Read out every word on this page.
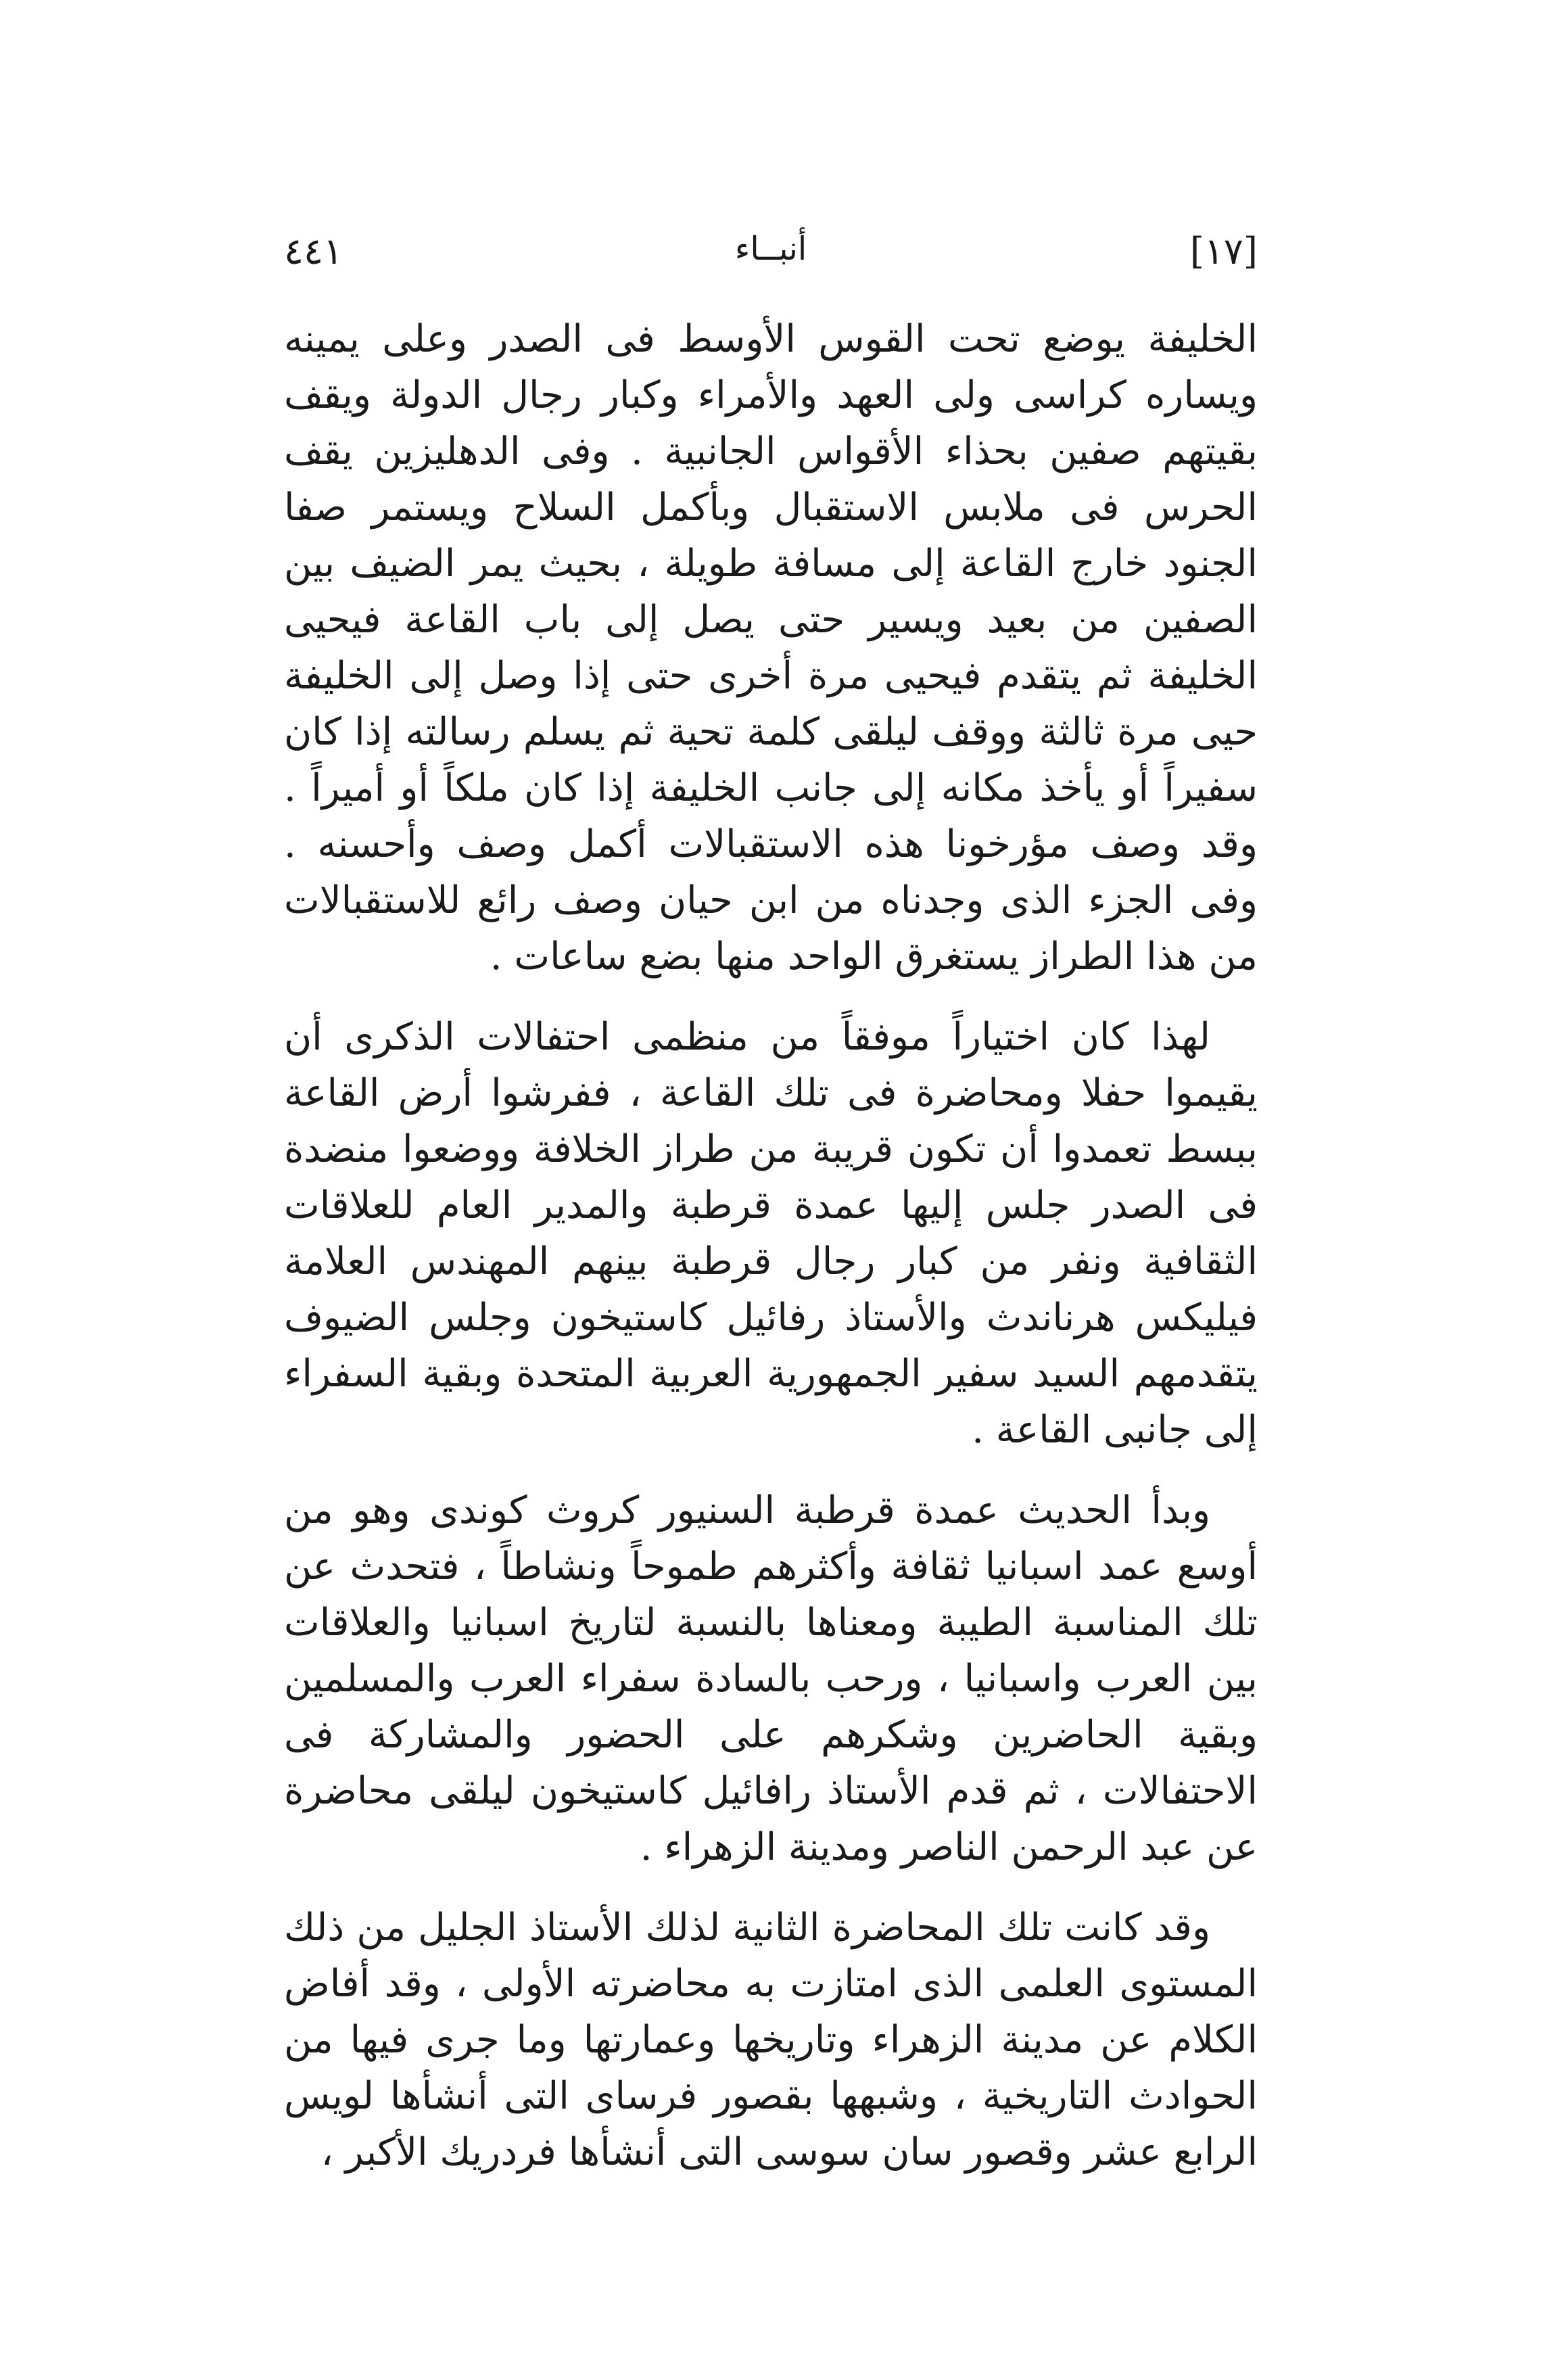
[١٧]
أنبــاء
٤٤١

الخليفة يوضع تحت القوس الأوسط فى الصدر وعلى يمينه ويساره كراسى ولى العهد والأمراء وكبار رجال الدولة ويقف بقيتهم صفين بحذاء الأقواس الجانبية . وفى الدهليزين يقف الحرس فى ملابس الاستقبال وبأكمل السلاح ويستمر صفا الجنود خارج القاعة إلى مسافة طويلة ، بحيث يمر الضيف بين الصفين من بعيد ويسير حتى يصل إلى باب القاعة فيحيى الخليفة ثم يتقدم فيحيى مرة أخرى حتى إذا وصل إلى الخليفة حيى مرة ثالثة ووقف ليلقى كلمة تحية ثم يسلم رسالته إذا كان سفيراً أو يأخذ مكانه إلى جانب الخليفة إذا كان ملكاً أو أميراً . وقد وصف مؤرخونا هذه الاستقبالات أكمل وصف وأحسنه . وفى الجزء الذى وجدناه من ابن حيان وصف رائع للاستقبالات من هذا الطراز يستغرق الواحد منها بضع ساعات .

لهذا كان اختياراً موفقاً من منظمى احتفالات الذكرى أن يقيموا حفلا ومحاضرة فى تلك القاعة ، ففرشوا أرض القاعة ببسط تعمدوا أن تكون قريبة من طراز الخلافة ووضعوا منضدة فى الصدر جلس إليها عمدة قرطبة والمدير العام للعلاقات الثقافية ونفر من كبار رجال قرطبة بينهم المهندس العلامة فيليكس هرناندث والأستاذ رفائيل كاستيخون وجلس الضيوف يتقدمهم السيد سفير الجمهورية العربية المتحدة وبقية السفراء إلى جانبى القاعة .

وبدأ الحديث عمدة قرطبة السنيور كروث كوندى وهو من أوسع عمد اسبانيا ثقافة وأكثرهم طموحاً ونشاطاً ، فتحدث عن تلك المناسبة الطيبة ومعناها بالنسبة لتاريخ اسبانيا والعلاقات بين العرب واسبانيا ، ورحب بالسادة سفراء العرب والمسلمين وبقية الحاضرين وشكرهم على الحضور والمشاركة فى الاحتفالات ، ثم قدم الأستاذ رافائيل كاستيخون ليلقى محاضرة عن عبد الرحمن الناصر ومدينة الزهراء .

وقد كانت تلك المحاضرة الثانية لذلك الأستاذ الجليل من ذلك المستوى العلمى الذى امتازت به محاضرته الأولى ، وقد أفاض الكلام عن مدينة الزهراء وتاريخها وعمارتها وما جرى فيها من الحوادث التاريخية ، وشبهها بقصور فرساى التى أنشأها لويس الرابع عشر وقصور سان سوسى التى أنشأها فردريك الأكبر ،
